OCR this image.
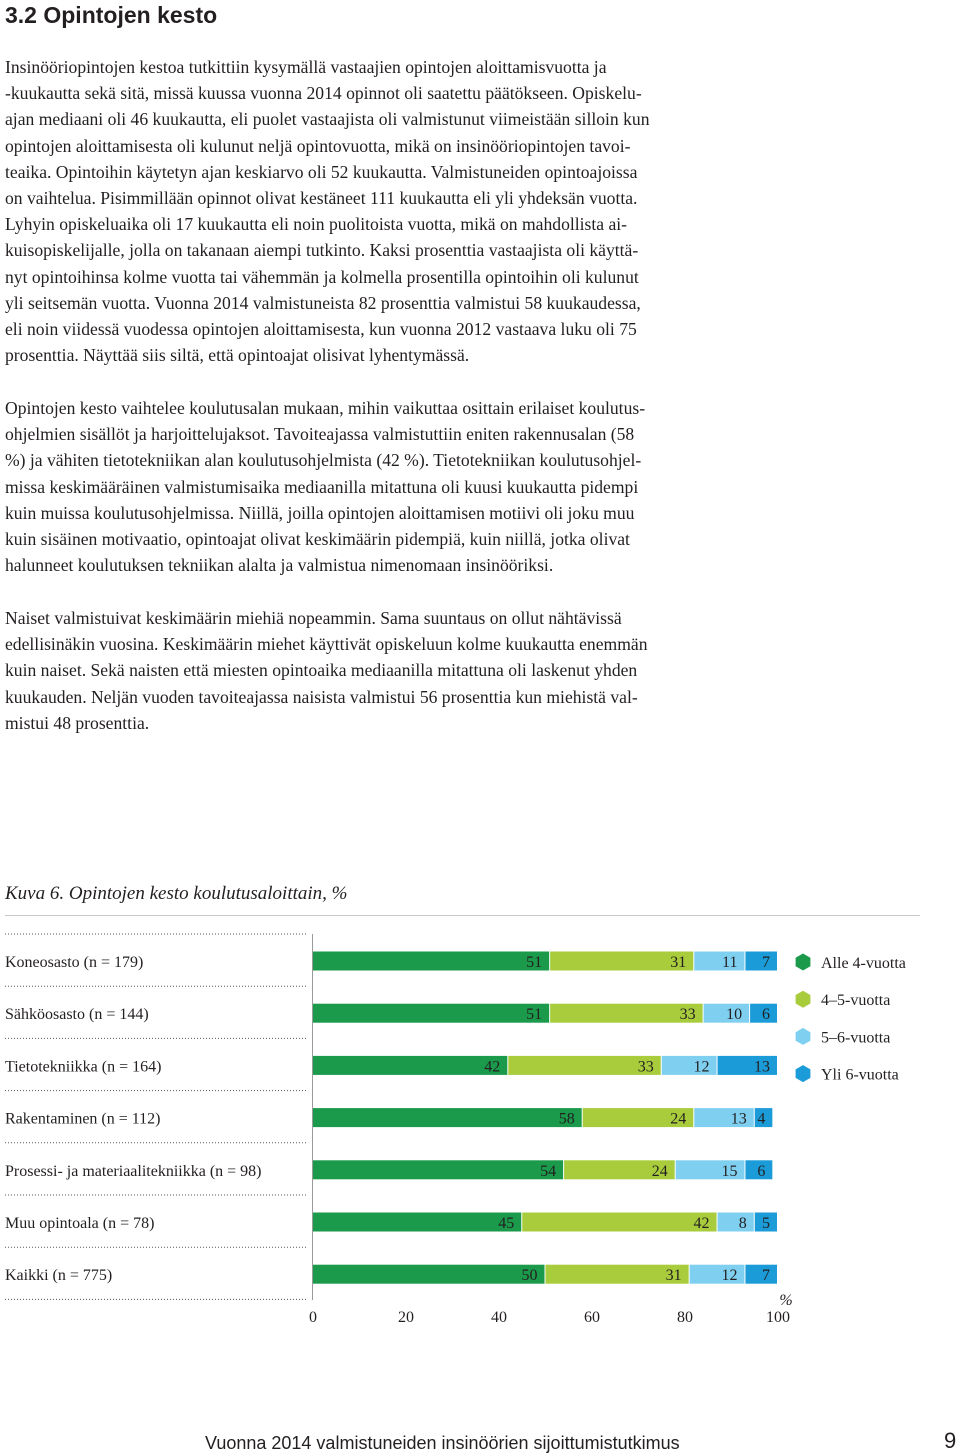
3.2 Opintojen kesto

Insinööriopintojen kestoa tutkittiin kysymällä vastaajien opintojen aloittamisvuotta ja
-kuukautta sekä sitä, missä kuussa vuonna 2014 opinnot oli saatettu päätökseen. Opiskelu-
ajan mediaani oli 46 kuukautta, eli puolet vastaajista oli valmistunut viimeistään silloin kun
opintojen aloittamisesta oli kulunut neljä opintovuotta, mikä on insinööriopintojen tavoi-
teaika. Opintoihin käytetyn ajan keskiarvo oli 52 kuukautta. Valmistuneiden opintoajoissa
on vaihtelua. Pisimmillään opinnot olivat kestäneet 111 kuukautta eli yli yhdeksän vuotta.
Lyhyin opiskeluaika oli 17 kuukautta eli noin puolitoista vuotta, mikä on mahdollista ai-
kuisopiskelijalle, jolla on takanaan aiempi tutkinto. Kaksi prosenttia vastaajista oli käyttä-
nyt opintoihinsa kolme vuotta tai vähemmän ja kolmella prosentilla opintoihin oli kulunut
yli seitsemän vuotta. Vuonna 2014 valmistuneista 82 prosenttia valmistui 58 kuukaudessa,
eli noin viidessä vuodessa opintojen aloittamisesta, kun vuonna 2012 vastaava luku oli 75
prosenttia. Näyttää siis siltä, että opintoajat olisivat lyhentymässä.

Opintojen kesto vaihtelee koulutusalan mukaan, mihin vaikuttaa osittain erilaiset koulutus-
ohjelmien sisällöt ja harjoittelujaksot. Tavoiteajassa valmistuttiin eniten rakennusalan (58
%) ja vähiten tietotekniikan alan koulutusohjelmista (42 %). Tietotekniikan koulutusohjel-
missa keskimääräinen valmistumisaika mediaanilla mitattuna oli kuusi kuukautta pidempi
kuin muissa koulutusohjelmissa. Niillä, joilla opintojen aloittamisen motiivi oli joku muu
kuin sisäinen motivaatio, opintoajat olivat keskimäärin pidempiä, kuin niillä, jotka olivat
halunneet koulutuksen tekniikan alalta ja valmistua nimenomaan insinööriksi.

Naiset valmistuivat keskimäärin miehiä nopeammin. Sama suuntaus on ollut nähtävissä
edellisinäkin vuosina. Keskimäärin miehet käyttivät opiskeluun kolme kuukautta enemmän
kuin naiset. Sekä naisten että miesten opintoaika mediaanilla mitattuna oli laskenut yhden
kuukauden. Neljän vuoden tavoiteajassa naisista valmistui 56 prosenttia kun miehistä val-
mistui 48 prosenttia.

Kuva 6. Opintojen kesto koulutusaloittain, %

Koneosasto (n = 179)	51	31 11 7
Sähköosasto (n = 144)	51	33 10 6
Tietotekniikka (n = 164)	42	33 12	13
Rakentaminen (n = 112)	58	24	13 4
Prosessi- ja materiaalitekniikka (n = 98)	54	24	15 6
Muu opintoala (n = 78)	45	42 8 5
Kaikki (n = 775)	50	31 12 7
0	20	40	60	80	100
%
Alle 4-vuotta
4–5-vuotta
5–6-vuotta
Yli 6-vuotta
Vuonna 2014 valmistuneiden insinöörien sijoittumistutkimus	9
